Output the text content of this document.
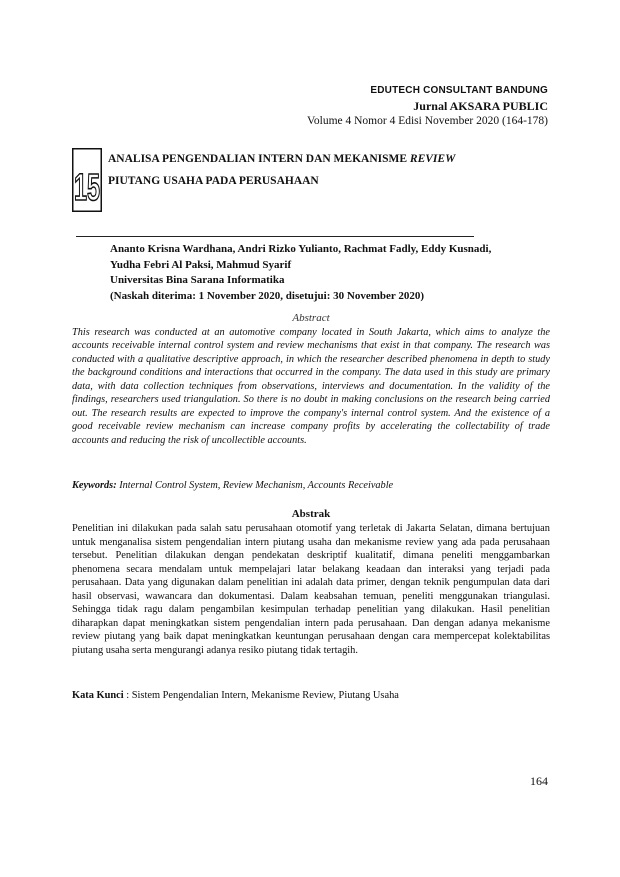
EDUTECH CONSULTANT BANDUNG
Jurnal AKSARA PUBLIC
Volume 4 Nomor 4 Edisi November 2020 (164-178)
15
ANALISA PENGENDALIAN INTERN DAN MEKANISME REVIEW
PIUTANG USAHA PADA PERUSAHAAN
Ananto Krisna Wardhana, Andri Rizko Yulianto, Rachmat Fadly, Eddy Kusnadi,
Yudha Febri Al Paksi, Mahmud Syarif
Universitas Bina Sarana Informatika
(Naskah diterima: 1 November 2020, disetujui: 30 November 2020)
Abstract
This research was conducted at an automotive company located in South Jakarta, which aims to analyze the accounts receivable internal control system and review mechanisms that exist in that company. The research was conducted with a qualitative descriptive approach, in which the researcher described phenomena in depth to study the background conditions and interactions that occurred in the company. The data used in this study are primary data, with data collection techniques from observations, interviews and documentation. In the validity of the findings, researchers used triangulation. So there is no doubt in making conclusions on the research being carried out. The research results are expected to improve the company's internal control system. And the existence of a good receivable review mechanism can increase company profits by accelerating the collectability of trade accounts and reducing the risk of uncollectible accounts.
Keywords: Internal Control System, Review Mechanism, Accounts Receivable
Abstrak
Penelitian ini dilakukan pada salah satu perusahaan otomotif yang terletak di Jakarta Selatan, dimana bertujuan untuk menganalisa sistem pengendalian intern piutang usaha dan mekanisme review yang ada pada perusahaan tersebut. Penelitian dilakukan dengan pendekatan deskriptif kualitatif, dimana peneliti menggambarkan phenomena secara mendalam untuk mempelajari latar belakang keadaan dan interaksi yang terjadi pada perusahaan. Data yang digunakan dalam penelitian ini adalah data primer, dengan teknik pengumpulan data dari hasil observasi, wawancara dan dokumentasi. Dalam keabsahan temuan, peneliti menggunakan triangulasi. Sehingga tidak ragu dalam pengambilan kesimpulan terhadap penelitian yang dilakukan. Hasil penelitian diharapkan dapat meningkatkan sistem pengendalian intern pada perusahaan. Dan dengan adanya mekanisme review piutang yang baik dapat meningkatkan keuntungan perusahaan dengan cara mempercepat kolektabilitas piutang usaha serta mengurangi adanya resiko piutang tidak tertagih.
Kata Kunci : Sistem Pengendalian Intern, Mekanisme Review, Piutang Usaha
164
